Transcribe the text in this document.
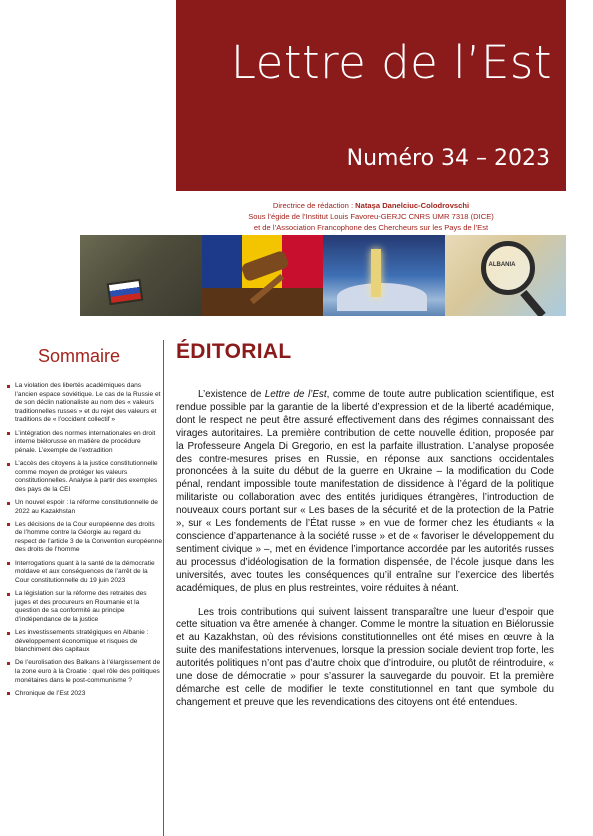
Lettre de l’Est
Numéro 34 – 2023
Directrice de rédaction : Nataşa Danelciuc-Colodrovschi
Sous l’égide de l’Institut Louis Favoreu-GERJC CNRS UMR 7318 (DICE)
et de l’Association Francophone des Chercheurs sur les Pays de l’Est
ALBANIA
Sommaire
La violation des libertés académiques dans l’ancien espace soviétique. Le cas de la Russie et de son déclin nationaliste au nom des « valeurs traditionnelles russes » et du rejet des valeurs et traditions de « l’occident collectif »
L’intégration des normes internationales en droit interne biélorusse en matière de procédure pénale. L’exemple de l’extradition
L’accès des citoyens à la justice constitutionnelle comme moyen de protéger les valeurs constitutionnelles. Analyse à partir des exemples des pays de la CEI
Un nouvel espoir : la réforme constitutionnelle de 2022 au Kazakhstan
Les décisions de la Cour européenne des droits de l’homme contre la Géorgie au regard du respect de l’article 3 de la Convention européenne des droits de l’homme
Interrogations quant à la santé de la démocratie moldave et aux conséquences de l’arrêt de la Cour constitutionnelle du 19 juin 2023
La législation sur la réforme des retraites des juges et des procureurs en Roumanie et la question de sa conformité au principe d’indépendance de la justice
Les investissements stratégiques en Albanie : développement économique et risques de blanchiment des capitaux
De l’eurolisation des Balkans à l’élargissement de la zone euro à la Croatie : quel rôle des politiques monétaires dans le post-communisme ?
Chronique de l’Est 2023
ÉDITORIAL

L’existence de Lettre de l’Est, comme de toute autre publication scientifique, est rendue possible par la garantie de la liberté d’expression et de la liberté académique, dont le respect ne peut être assuré effectivement dans des régimes connaissant des virages autoritaires. La première contribution de cette nouvelle édition, proposée par la Professeure Angela Di Gregorio, en est la parfaite illustration. L’analyse proposée des contre-mesures prises en Russie, en réponse aux sanctions occidentales prononcées à la suite du début de la guerre en Ukraine – la modification du Code pénal, rendant impossible toute manifestation de dissidence à l’égard de la politique militariste ou collaboration avec des entités juridiques étrangères, l’introduction de nouveaux cours portant sur « Les bases de la sécurité et de la protection de la Patrie », sur « Les fondements de l’État russe » en vue de former chez les étudiants « la conscience d’appartenance à la société russe » et de « favoriser le développement du sentiment civique » –, met en évidence l’importance accordée par les autorités russes au processus d’idéologisation de la formation dispensée, de l’école jusque dans les universités, avec toutes les conséquences qu’il entraîne sur l’exercice des libertés académiques, de plus en plus restreintes, voire réduites à néant.

Les trois contributions qui suivent laissent transparaître une lueur d’espoir que cette situation va être amenée à changer. Comme le montre la situation en Biélorussie et au Kazakhstan, où des révisions constitutionnelles ont été mises en œuvre à la suite des manifestations intervenues, lorsque la pression sociale devient trop forte, les autorités politiques n’ont pas d’autre choix que d’introduire, ou plutôt de réintroduire, « une dose de démocratie » pour s’assurer la sauvegarde du pouvoir. Et la première démarche est celle de modifier le texte constitutionnel en tant que symbole du changement et preuve que les revendications des citoyens ont été entendues.
